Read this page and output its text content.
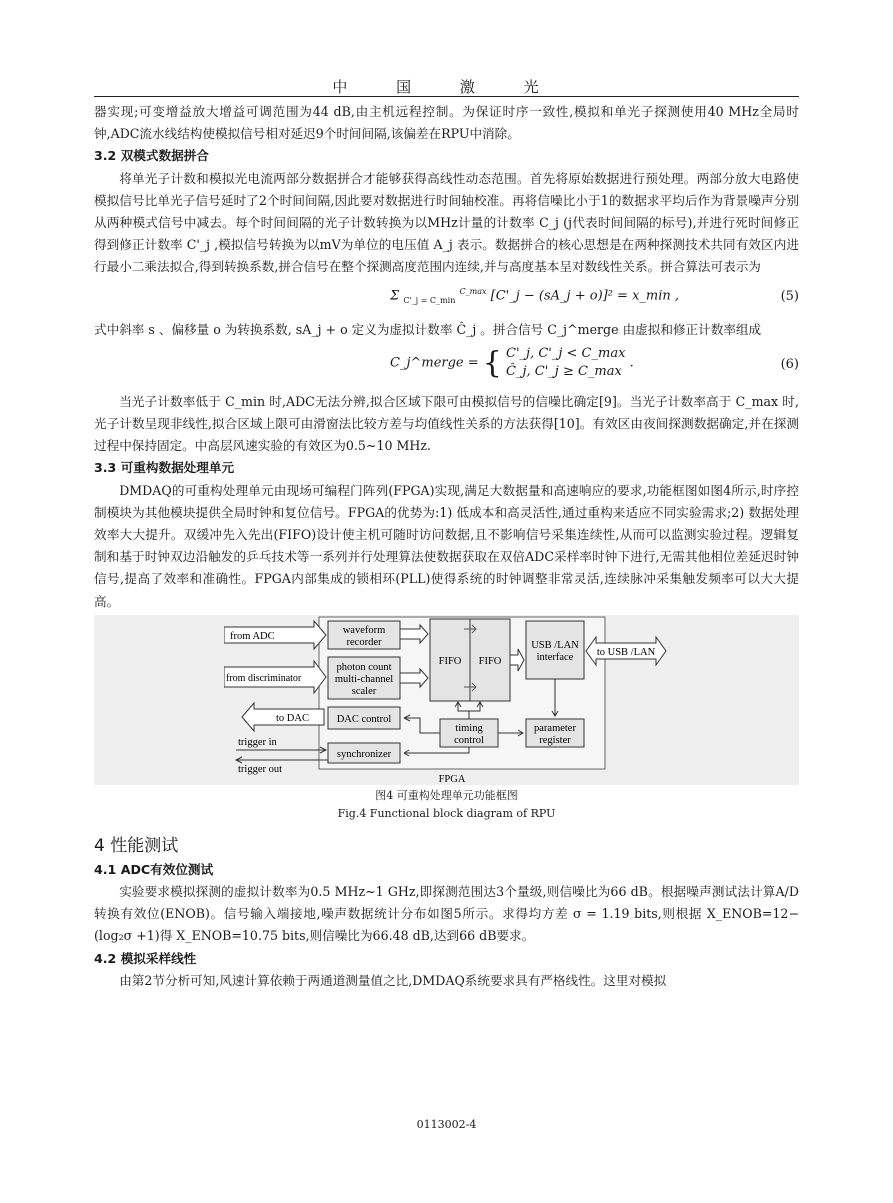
中 国 激 光

器实现;可变增益放大增益可调范围为44 dB,由主机远程控制。为保证时序一致性,模拟和单光子探测使用40 MHz全局时钟,ADC流水线结构使模拟信号相对延迟9个时间间隔,该偏差在RPU中消除。

3.2 双模式数据拼合

将单光子计数和模拟光电流两部分数据拼合才能够获得高线性动态范围。首先将原始数据进行预处理。两部分放大电路使模拟信号比单光子信号延时了2个时间间隔,因此要对数据进行时间轴校准。再将信噪比小于1的数据求平均后作为背景噪声分别从两种模式信号中减去。每个时间间隔的光子计数转换为以MHz计量的计数率 C_j (j代表时间间隔的标号),并进行死时间修正得到修正计数率 C'_j ,模拟信号转换为以mV为单位的电压值 A_j 表示。数据拼合的核心思想是在两种探测技术共同有效区内进行最小二乘法拟合,得到转换系数,拼合信号在整个探测高度范围内连续,并与高度基本呈对数线性关系。拼合算法可表示为

Σ $_{C'\_j = C\_min}$ $^{C\_max}$ [C'_j − (sA_j + o)]² = x_min ,	(5)

式中斜率 s 、偏移量 o 为转换系数, sA_j + o 定义为虚拟计数率 Ĉ_j 。拼合信号 C_j^merge 由虚拟和修正计数率组成

C_j^merge = { C'_j, C'_j < C_max
Ĉ_j, C'_j ≥ C_max .	(6)

当光子计数率低于 C_min 时,ADC无法分辨,拟合区域下限可由模拟信号的信噪比确定[9]。当光子计数率高于 C_max 时,光子计数呈现非线性,拟合区域上限可由滑窗法比较方差与均值线性关系的方法获得[10]。有效区由夜间探测数据确定,并在探测过程中保持固定。中高层风速实验的有效区为0.5~10 MHz.

3.3 可重构数据处理单元

DMDAQ的可重构处理单元由现场可编程门阵列(FPGA)实现,满足大数据量和高速响应的要求,功能框图如图4所示,时序控制模块为其他模块提供全局时钟和复位信号。FPGA的优势为:1) 低成本和高灵活性,通过重构来适应不同实验需求;2) 数据处理效率大大提升。双缓冲先入先出(FIFO)设计使主机可随时访问数据,且不影响信号采集连续性,从而可以监测实验过程。逻辑复制和基于时钟双边沿触发的乒乓技术等一系列并行处理算法使数据获取在双倍ADC采样率时钟下进行,无需其他相位差延迟时钟信号,提高了效率和准确性。FPGA内部集成的锁相环(PLL)使得系统的时钟调整非常灵活,连续脉冲采集触发频率可以大大提高。

from ADC
waveform
recorder
from discriminator
photon count
multi-channel
scaler
FIFO FIFO
USB /LAN
interface to USB /LAN
to DAC	DAC control
timing
control
parameter
register
synchronizer
trigger in
trigger out
FPGA
图4 可重构处理单元功能框图
Fig.4 Functional block diagram of RPU
4 性能测试
4.1 ADC有效位测试

实验要求模拟探测的虚拟计数率为0.5 MHz~1 GHz,即探测范围达3个量级,则信噪比为66 dB。根据噪声测试法计算A/D转换有效位(ENOB)。信号输入端接地,噪声数据统计分布如图5所示。求得均方差 σ = 1.19 bits,则根据 X_ENOB=12− (log₂σ +1)得 X_ENOB=10.75 bits,则信噪比为66.48 dB,达到66 dB要求。

4.2 模拟采样线性

由第2节分析可知,风速计算依赖于两通道测量值之比,DMDAQ系统要求具有严格线性。这里对模拟

0113002-4
